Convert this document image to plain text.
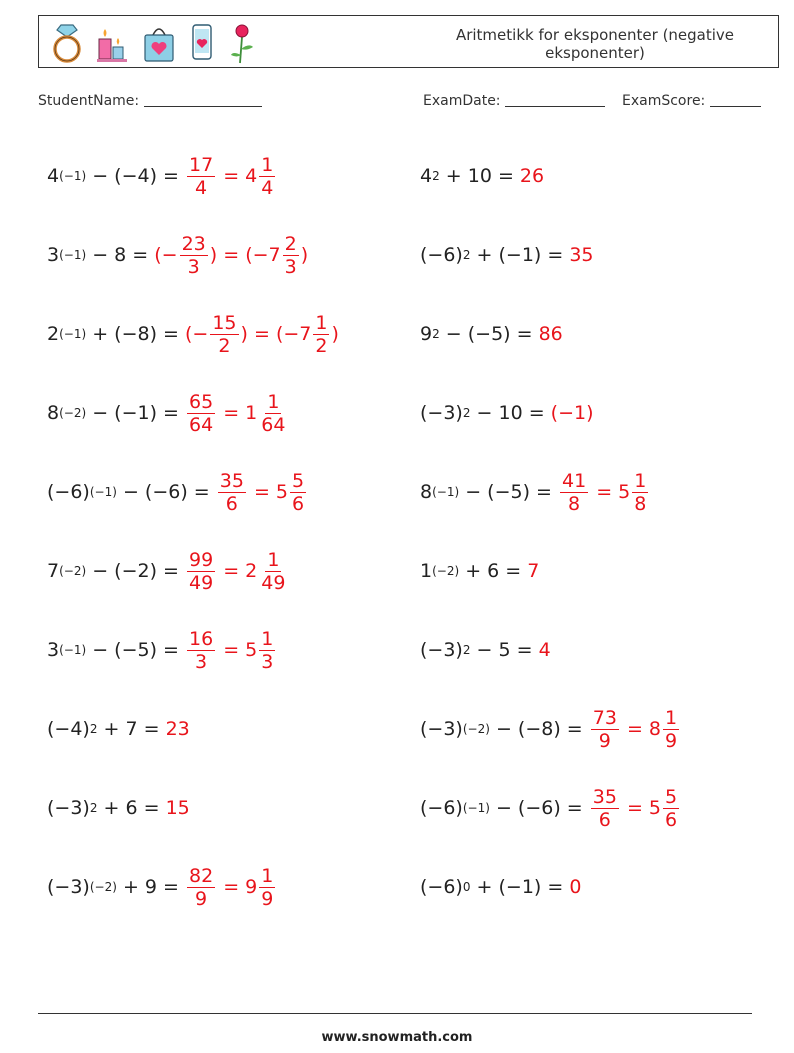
Aritmetikk for eksponenter (negative eksponenter)
StudentName:	ExamDate:	ExamScore:
4 $(-1) - (-4) = \frac{17}{4} = 4 \frac{1}{4}$	4 2 + 10 = 26
3 (−1) − 8 = (− $\frac{23}{3}$ ) = ($-7 \frac{2}{3}$ )	(−6) 2 + (−1) = 35
2 (−1) + (−8) = (− $\frac{15}{2}$ ) = ($-7 \frac{1}{2}$ )	9 2 − (−5) = 86
8 $(-2) - (-1) = \frac{65}{64} = 1 \frac{1}{64}$	(−3) 2 − 10 = (−1)
(−6) $(-1) - (-6) = \frac{35}{6} = 5 \frac{5}{6}$	8 $(-1) - (-5) = \frac{41}{8} = 5 \frac{1}{8}$
7 $(-2) - (-2) = \frac{99}{49} = 2 \frac{1}{49}$	1 (−2) + 6 = 7
3 $(-1) - (-5) = \frac{16}{3} = 5 \frac{1}{3}$	(−3) 2 − 5 = 4
(−4) 2 + 7 = 23	(−3) $(-2) - (-8) = \frac{73}{9} = 8 \frac{1}{9}$
(−3) 2 + 6 = 15	(−6) $(-1) - (-6) = \frac{35}{6} = 5 \frac{5}{6}$
(−3) $(-2) + 9 = \frac{82}{9} = 9 \frac{1}{9}$	(−6) 0 + (−1) = 0
www.snowmath.com
